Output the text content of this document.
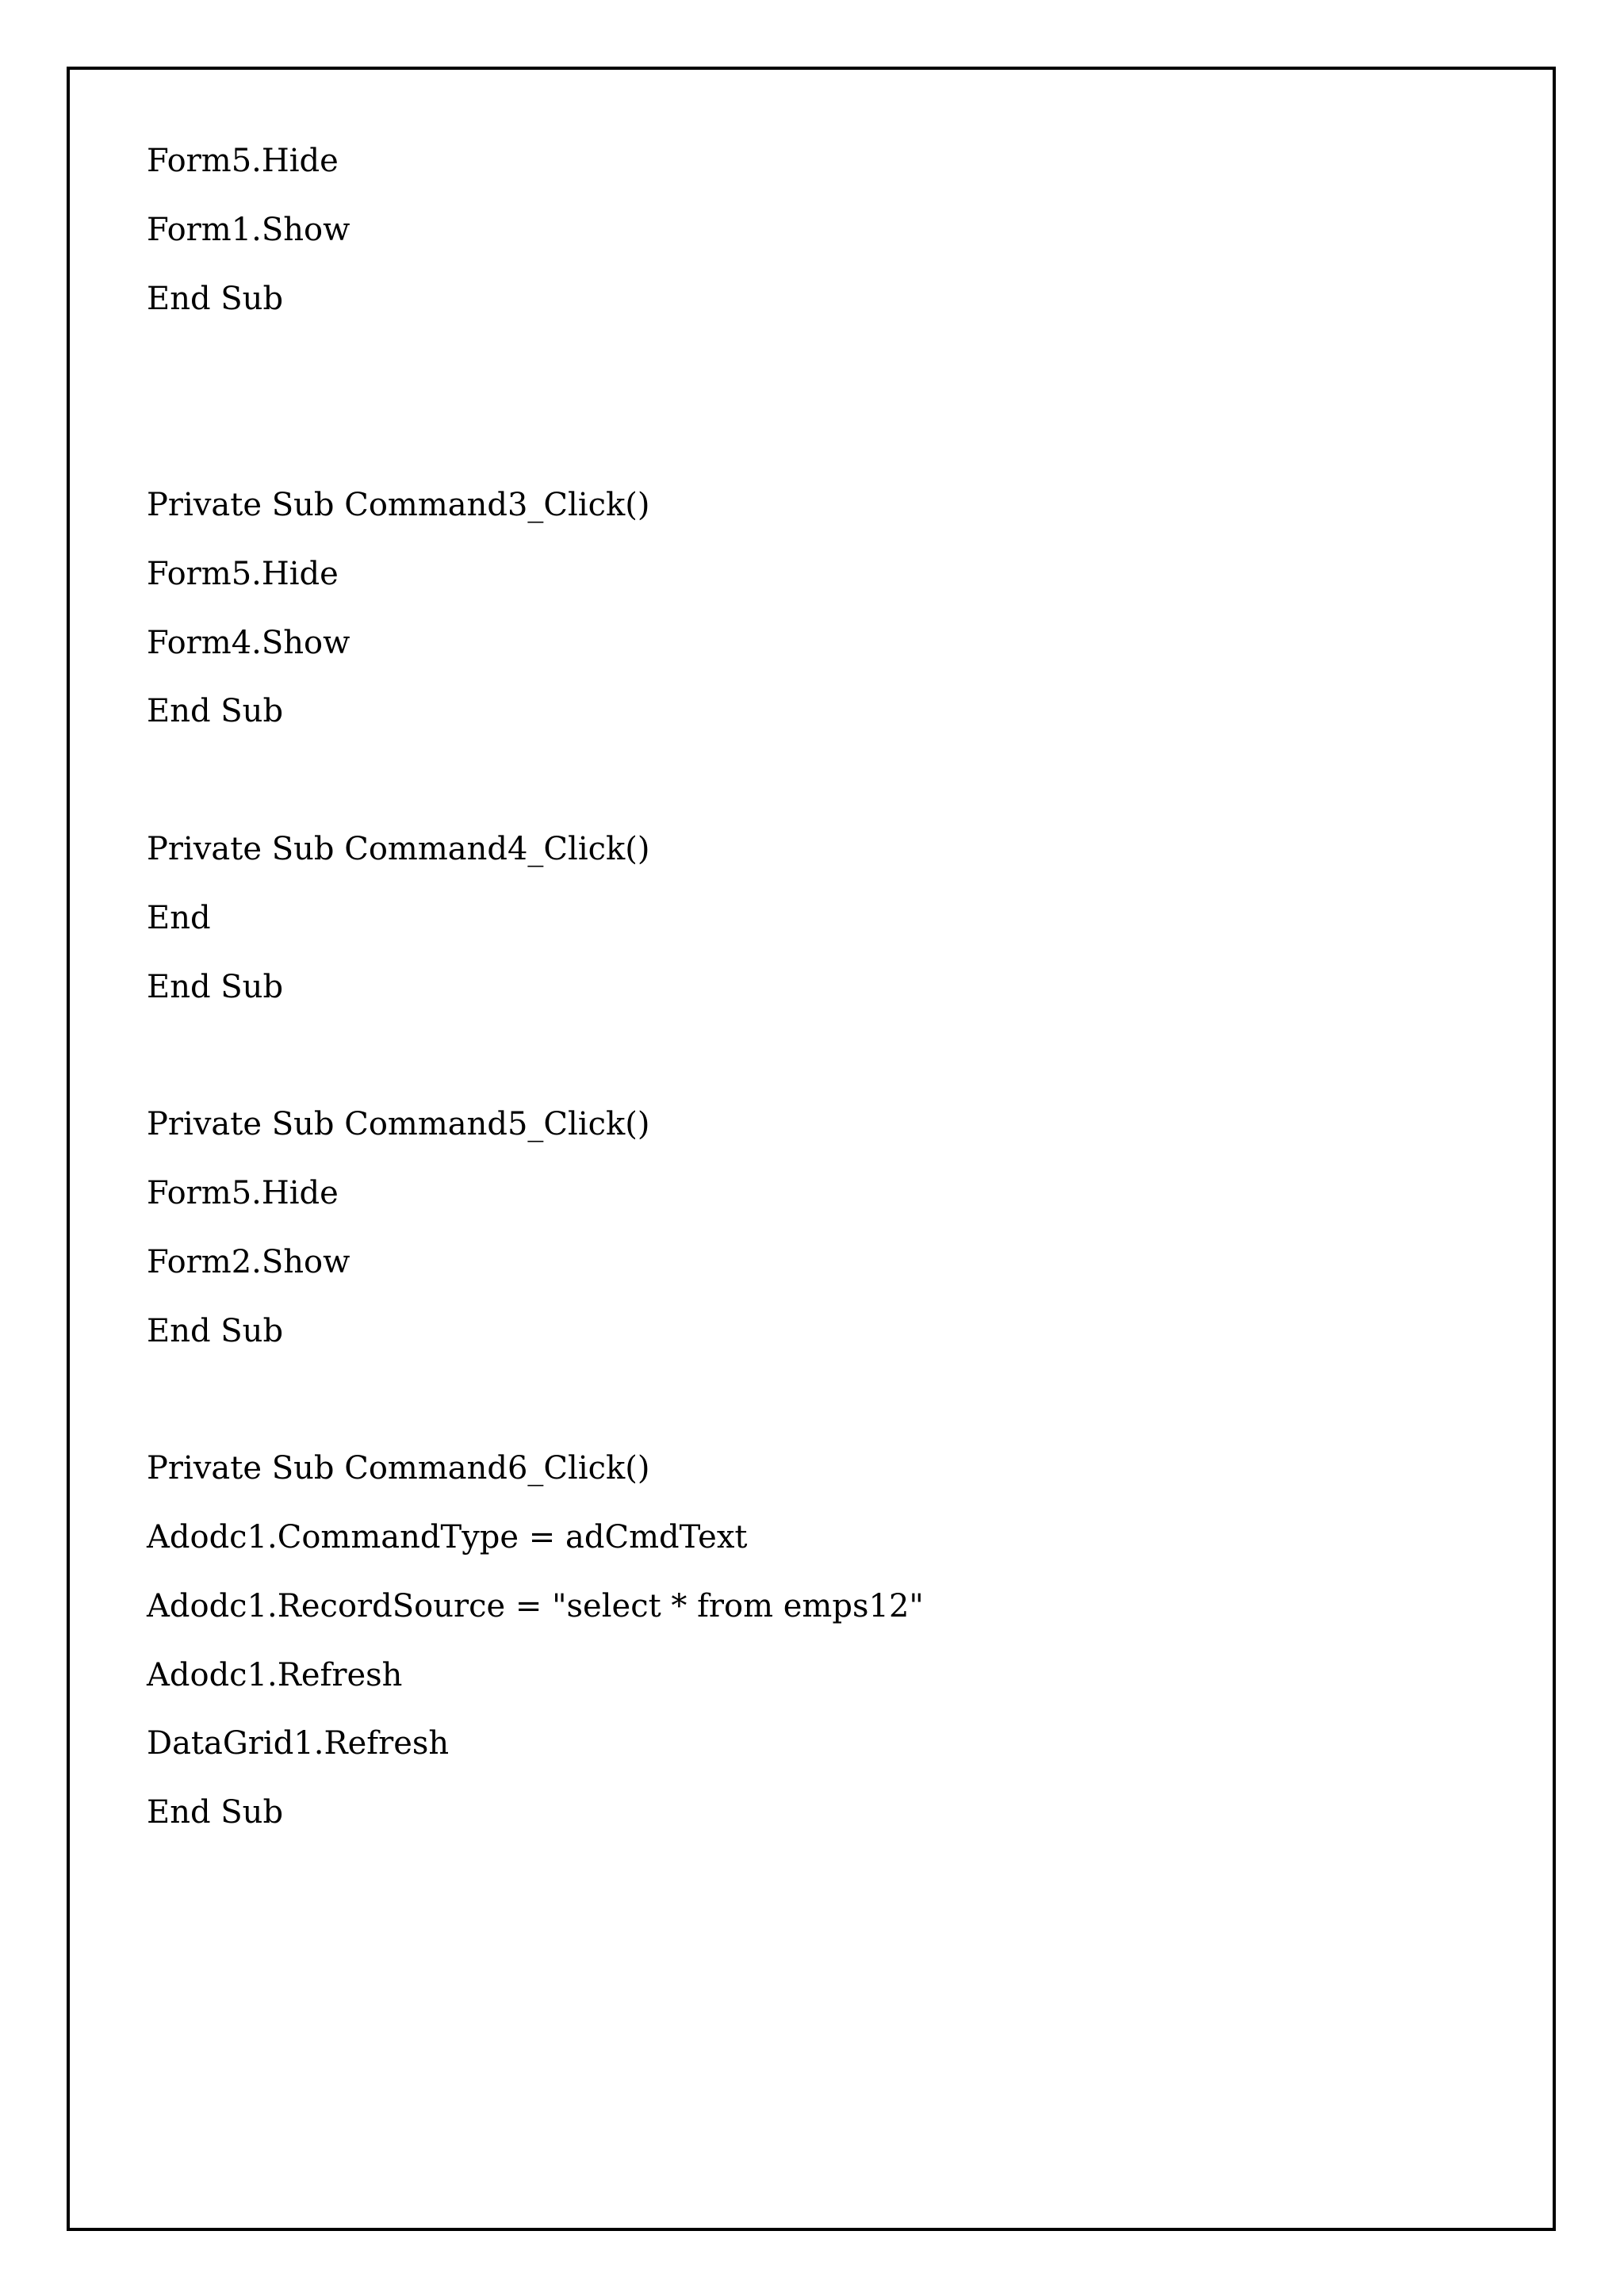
Form5.Hide
Form1.Show
End Sub
Private Sub Command3_Click()
Form5.Hide
Form4.Show
End Sub
Private Sub Command4_Click()
End
End Sub
Private Sub Command5_Click()
Form5.Hide
Form2.Show
End Sub
Private Sub Command6_Click()
Adodc1.CommandType = adCmdText
Adodc1.RecordSource = "select * from emps12"
Adodc1.Refresh
DataGrid1.Refresh
End Sub
